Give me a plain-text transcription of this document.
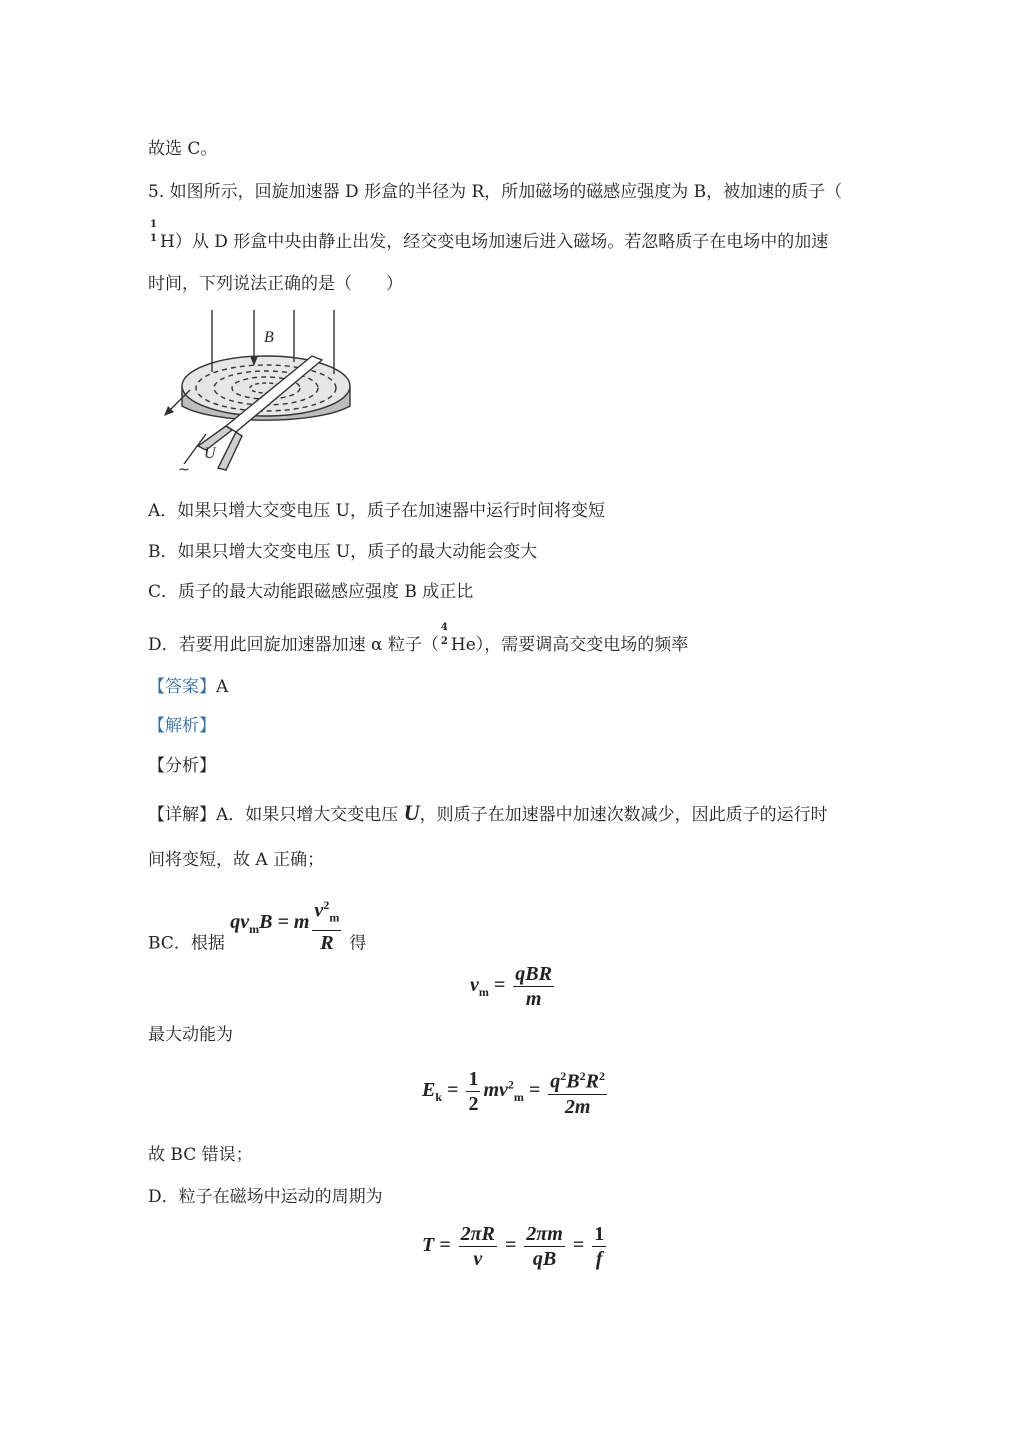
故选 C。
5. 如图所示，回旋加速器 D 形盒的半径为 R，所加磁场的磁感应强度为 B，被加速的质子（
1
1 H）从 D 形盒中央由静止出发，经交变电场加速后进入磁场。若忽略质子在电场中的加速
时间，下列说法正确的是（　　）
B
U
~
A．如果只增大交变电压 U，质子在加速器中运行时间将变短
B．如果只增大交变电压 U，质子的最大动能会变大
C．质子的最大动能跟磁感应强度 B 成正比
D．若要用此回旋加速器加速 α 粒子（
4
2 He），需要调高交变电场的频率
【答案】A
【解析】
【分析】
【详解】A．如果只增大交变电压 U，则质子在加速器中加速次数减少，因此质子的运行时
间将变短，故 A 正确；
BC．根据 $qv_mB = m \frac{v^2_m}{R}$ 得
$v_m = \frac{\text{qBR}}{m}$
最大动能为
$E_k = \frac{1}{2} mv^2_m = \frac{q^2B^2R^2}{2m}$
故 BC 错误；
D．粒子在磁场中运动的周期为
$T = \frac{2\pi R}{v} = \frac{2\pi m}{qB} = \frac{1}{f}$
